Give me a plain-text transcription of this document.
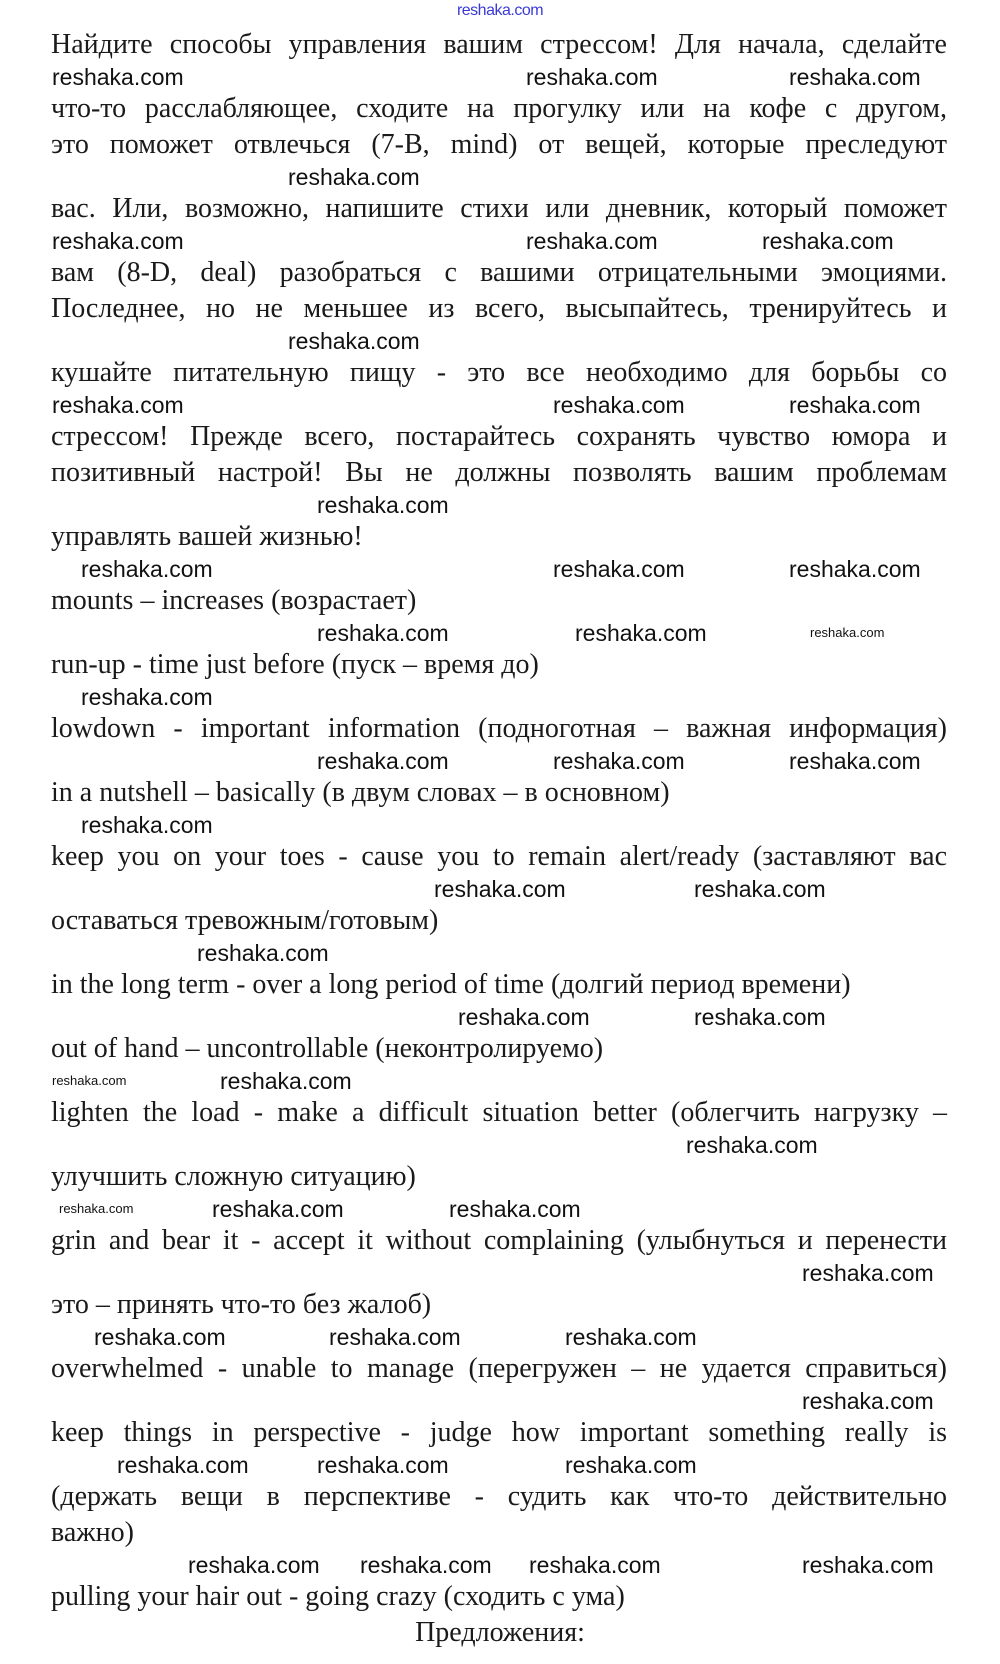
reshaka.com
Найдите способы управления вашим стрессом! Для начала, сделайте
что-то расслабляющее, сходите на прогулку или на кофе с другом,
это поможет отвлечься (7-B, mind) от вещей, которые преследуют
вас. Или, возможно, напишите стихи или дневник, который поможет
вам (8-D, deal) разобраться с вашими отрицательными эмоциями.
Последнее, но не меньшее из всего, высыпайтесь, тренируйтесь и
кушайте питательную пищу - это все необходимо для борьбы со
стрессом! Прежде всего, постарайтесь сохранять чувство юмора и
позитивный настрой! Вы не должны позволять вашим проблемам
управлять вашей жизнью!
mounts – increases (возрастает)
run-up - time just before (пуск – время до)
lowdown - important information (подноготная – важная информация)
in a nutshell – basically (в двум словах – в основном)
keep you on your toes - cause you to remain alert/ready (заставляют вас
оставаться тревожным/готовым)
in the long term - over a long period of time (долгий период времени)
out of hand – uncontrollable (неконтролируемо)
lighten the load - make a difficult situation better (облегчить нагрузку –
улучшить сложную ситуацию)
grin and bear it - accept it without complaining (улыбнуться и перенести
это – принять что-то без жалоб)
overwhelmed - unable to manage (перегружен – не удается справиться)
keep things in perspective - judge how important something really is
(держать вещи в перспективе - судить как что-то действительно
важно)
pulling your hair out - going crazy (сходить с ума)
Предложения:
reshaka.com	reshaka.com	reshaka.com
reshaka.com
reshaka.com	reshaka.com	reshaka.com
reshaka.com
reshaka.com	reshaka.com	reshaka.com
reshaka.com
reshaka.com	reshaka.com
reshaka.com
reshaka.com	reshaka.com	reshaka.com
reshaka.com
reshaka.com	reshaka.com	reshaka.com
reshaka.com
reshaka.com	reshaka.com
reshaka.com
reshaka.com	reshaka.com
reshaka.com	reshaka.com
reshaka.com
reshaka.com	reshaka.com	reshaka.com
reshaka.com
reshaka.com	reshaka.com	reshaka.com
reshaka.com
reshaka.com	reshaka.com	reshaka.com
reshaka.com reshaka.com reshaka.com	reshaka.com
